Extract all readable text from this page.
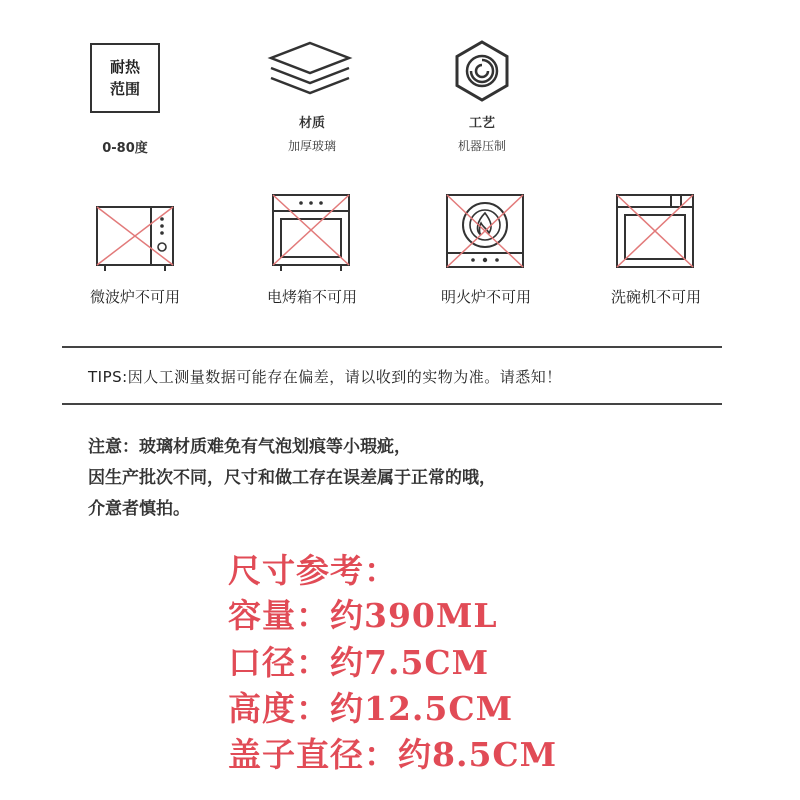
耐热
范围
0-80度
材质
加厚玻璃
工艺
机器压制
微波炉不可用	电烤箱不可用	明火炉不可用	洗碗机不可用
TIPS:因人工测量数据可能存在偏差，请以收到的实物为准。请悉知！
注意：玻璃材质难免有气泡划痕等小瑕疵，
因生产批次不同，尺寸和做工存在误差属于正常的哦，
介意者慎拍。
尺寸参考：
容量：约390ML
口径：约7.5CM
高度：约12.5CM
盖子直径：约8.5CM
